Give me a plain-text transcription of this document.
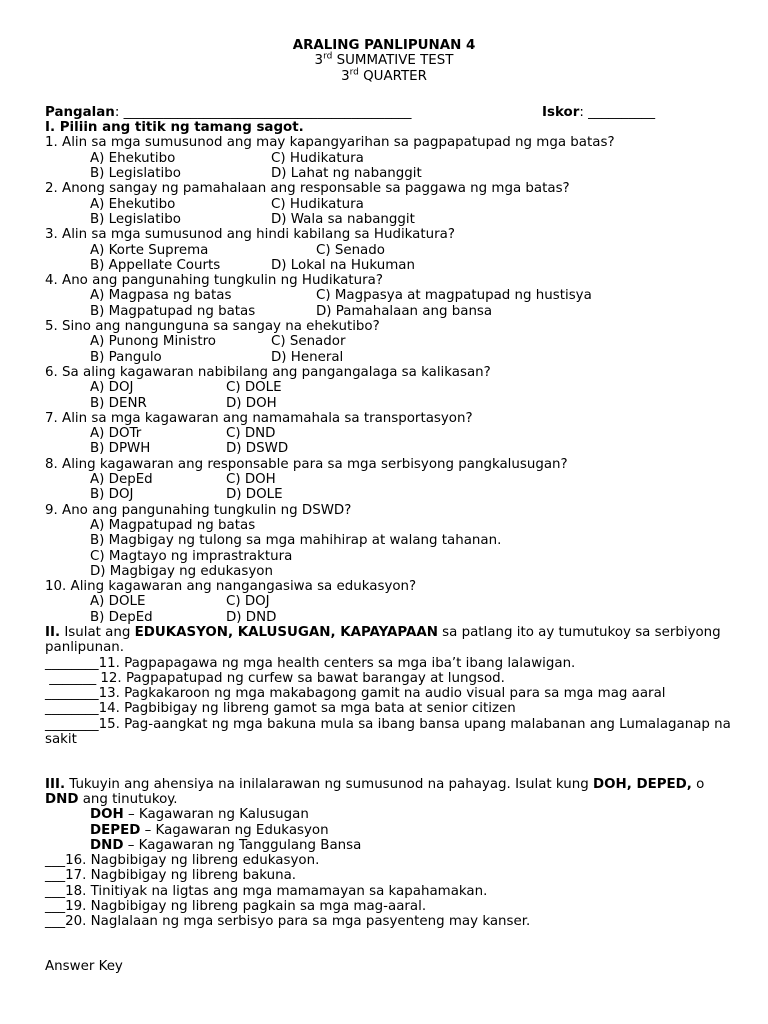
ARALING PANLIPUNAN 4
3rd SUMMATIVE TEST
3rd QUARTER
Pangalan: ___________________________________________	Iskor: __________
I. Piliin ang titik ng tamang sagot.
1. Alin sa mga sumusunod ang may kapangyarihan sa pagpapatupad ng mga batas?
A) Ehekutibo	C) Hudikatura
B) Legislatibo	D) Lahat ng nabanggit
2. Anong sangay ng pamahalaan ang responsable sa paggawa ng mga batas?
A) Ehekutibo	C) Hudikatura
B) Legislatibo	D) Wala sa nabanggit
3. Alin sa mga sumusunod ang hindi kabilang sa Hudikatura?
A) Korte Suprema	C) Senado
B) Appellate Courts	D) Lokal na Hukuman
4. Ano ang pangunahing tungkulin ng Hudikatura?
A) Magpasa ng batas	C) Magpasya at magpatupad ng hustisya
B) Magpatupad ng batas	D) Pamahalaan ang bansa
5. Sino ang nangunguna sa sangay na ehekutibo?
A) Punong Ministro	C) Senador
B) Pangulo	D) Heneral
6. Sa aling kagawaran nabibilang ang pangangalaga sa kalikasan?
A) DOJ	C) DOLE
B) DENR	D) DOH
7. Alin sa mga kagawaran ang namamahala sa transportasyon?
A) DOTr	C) DND
B) DPWH	D) DSWD
8. Aling kagawaran ang responsable para sa mga serbisyong pangkalusugan?
A) DepEd	C) DOH
B) DOJ	D) DOLE
9. Ano ang pangunahing tungkulin ng DSWD?
A) Magpatupad ng batas
B) Magbigay ng tulong sa mga mahihirap at walang tahanan.
C) Magtayo ng imprastraktura
D) Magbigay ng edukasyon
10. Aling kagawaran ang nangangasiwa sa edukasyon?
A) DOLE	C) DOJ
B) DepEd	D) DND
II. Isulat ang EDUKASYON, KALUSUGAN, KAPAYAPAAN sa patlang ito ay tumutukoy sa serbiyong panlipunan.
________11. Pagpapagawa ng mga health centers sa mga iba’t ibang lalawigan.
_______ 12. Pagpapatupad ng curfew sa bawat barangay at lungsod.
________13. Pagkakaroon ng mga makabagong gamit na audio visual para sa mga mag aaral
________14. Pagbibigay ng libreng gamot sa mga bata at senior citizen
________15. Pag-aangkat ng mga bakuna mula sa ibang bansa upang malabanan ang Lumalaganap na sakit
III. Tukuyin ang ahensiya na inilalarawan ng sumusunod na pahayag. Isulat kung DOH, DEPED, o DND ang tinutukoy.
DOH – Kagawaran ng Kalusugan
DEPED – Kagawaran ng Edukasyon
DND – Kagawaran ng Tanggulang Bansa
___16. Nagbibigay ng libreng edukasyon.
___17. Nagbibigay ng libreng bakuna.
___18. Tinitiyak na ligtas ang mga mamamayan sa kapahamakan.
___19. Nagbibigay ng libreng pagkain sa mga mag-aaral.
___20. Naglalaan ng mga serbisyo para sa mga pasyenteng may kanser.
Answer Key
